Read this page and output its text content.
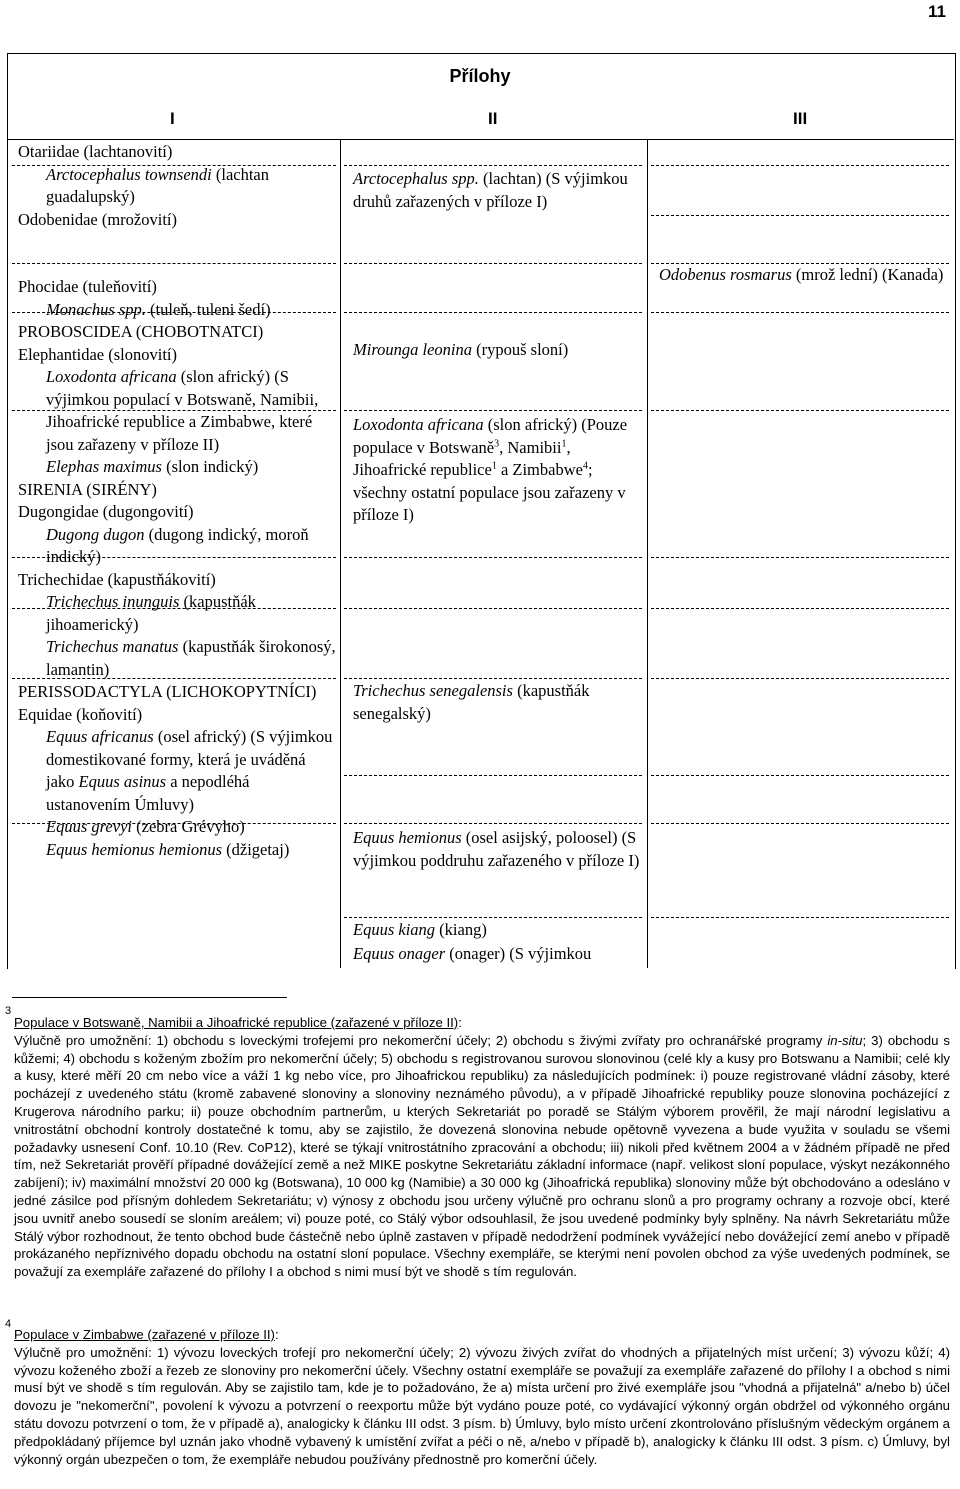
11
Přílohy
I	II	III
Otariidae (lachtanovití)
Arctocephalus townsendi (lachtan guadalupský)
Odobenidae (mrožovití)
Phocidae (tuleňovití)
Monachus spp. (tuleň, tuleni šedí)
PROBOSCIDEA (CHOBOTNATCI)
Elephantidae (slonovití)
Loxodonta africana (slon africký) (S výjimkou populací v Botswaně, Namibii, Jihoafrické republice a Zimbabwe, které jsou zařazeny v příloze II)
Elephas maximus (slon indický)
SIRENIA (SIRÉNY)
Dugongidae (dugongovití)
Dugong dugon (dugong indický, moroň indický)
Trichechidae (kapustňákovití)
Trichechus inunguis (kapustňák jihoamerický)
Trichechus manatus (kapustňák širokonosý, lamantin)
PERISSODACTYLA (LICHOKOPYTNÍCI)
Equidae (koňovití)
Equus africanus (osel africký) (S výjimkou domestikované formy, která je uváděná jako Equus asinus a nepodléhá ustanovením Úmluvy)
Equus grevyi (zebra Grévyho)
Equus hemionus hemionus (džigetaj)
Arctocephalus spp. (lachtan) (S výjimkou druhů zařazených v příloze I)
Mirounga leonina (rypouš sloní)
Loxodonta africana (slon africký) (Pouze populace v Botswaně$^3$, Namibii$^1$, Jihoafrické republice$^1$ a Zimbabwe$^4$; všechny ostatní populace jsou zařazeny v příloze I)
Trichechus senegalensis (kapustňák senegalský)
Equus hemionus (osel asijský, poloosel) (S výjimkou poddruhu zařazeného v příloze I)
Equus kiang (kiang)
Equus onager (onager) (S výjimkou
Odobenus rosmarus (mrož lední) (Kanada)
3
Populace v Botswaně, Namibii a Jihoafrické republice (zařazené v příloze II):
Výlučně pro umožnění: 1) obchodu s loveckými trofejemi pro nekomerční účely; 2) obchodu s živými zvířaty pro ochranářské programy in-situ; 3) obchodu s kůžemi; 4) obchodu s koženým zbožím pro nekomerční účely; 5) obchodu s registrovanou surovou slonovinou (celé kly a kusy pro Botswanu a Namibii; celé kly a kusy, které měří 20 cm nebo více a váží 1 kg nebo více, pro Jihoafrickou republiku) za následujících podmínek: i) pouze registrované vládní zásoby, které pocházejí z uvedeného státu (kromě zabavené slonoviny a slonoviny neznámého původu), a v případě Jihoafrické republiky pouze slonovina pocházející z Krugerova národního parku; ii) pouze obchodním partnerům, u kterých Sekretariát po poradě se Stálým výborem prověřil, že mají národní legislativu a vnitrostátní obchodní kontroly dostatečné k tomu, aby se zajistilo, že dovezená slonovina nebude opětovně vyvezena a bude využita v souladu se všemi požadavky usnesení Conf. 10.10 (Rev. CoP12), které se týkají vnitrostátního zpracování a obchodu; iii) nikoli před květnem 2004 a v žádném případě ne před tím, než Sekretariát prověří případné dovážející země a než MIKE poskytne Sekretariátu základní informace (např. velikost sloní populace, výskyt nezákonného zabíjení); iv) maximální množství 20 000 kg (Botswana), 10 000 kg (Namibie) a 30 000 kg (Jihoafrická republika) slonoviny může být obchodováno a odesláno v jedné zásilce pod přísným dohledem Sekretariátu; v) výnosy z obchodu jsou určeny výlučně pro ochranu slonů a pro programy ochrany a rozvoje obcí, které jsou uvnitř anebo sousedí se sloním areálem; vi) pouze poté, co Stálý výbor odsouhlasil, že jsou uvedené podmínky byly splněny. Na návrh Sekretariátu může Stálý výbor rozhodnout, že tento obchod bude částečně nebo úplně zastaven v případě nedodržení podmínek vyvážející nebo dovážející zemí anebo v případě prokázaného nepříznivého dopadu obchodu na ostatní sloní populace. Všechny exempláře, se kterými není povolen obchod za výše uvedených podmínek, se považují za exempláře zařazené do přílohy I a obchod s nimi musí být ve shodě s tím regulován.
4
Populace v Zimbabwe (zařazené v příloze II):
Výlučně pro umožnění: 1) vývozu loveckých trofejí pro nekomerční účely; 2) vývozu živých zvířat do vhodných a přijatelných míst určení; 3) vývozu kůží; 4) vývozu koženého zboží a řezeb ze slonoviny pro nekomerční účely. Všechny ostatní exempláře se považují za exempláře zařazené do přílohy I a obchod s nimi musí být ve shodě s tím regulován. Aby se zajistilo tam, kde je to požadováno, že a) místa určení pro živé exempláře jsou "vhodná a přijatelná" a/nebo b) účel dovozu je "nekomerční", povolení k vývozu a potvrzení o reexportu může být vydáno pouze poté, co vydávající výkonný orgán obdržel od výkonného orgánu státu dovozu potvrzení o tom, že v případě a), analogicky k článku III odst. 3 písm. b) Úmluvy, bylo místo určení zkontrolováno příslušným vědeckým orgánem a předpokládaný příjemce byl uznán jako vhodně vybavený k umístění zvířat a péči o ně, a/nebo v případě b), analogicky k článku III odst. 3 písm. c) Úmluvy, byl výkonný orgán ubezpečen o tom, že exempláře nebudou používány přednostně pro komerční účely.
